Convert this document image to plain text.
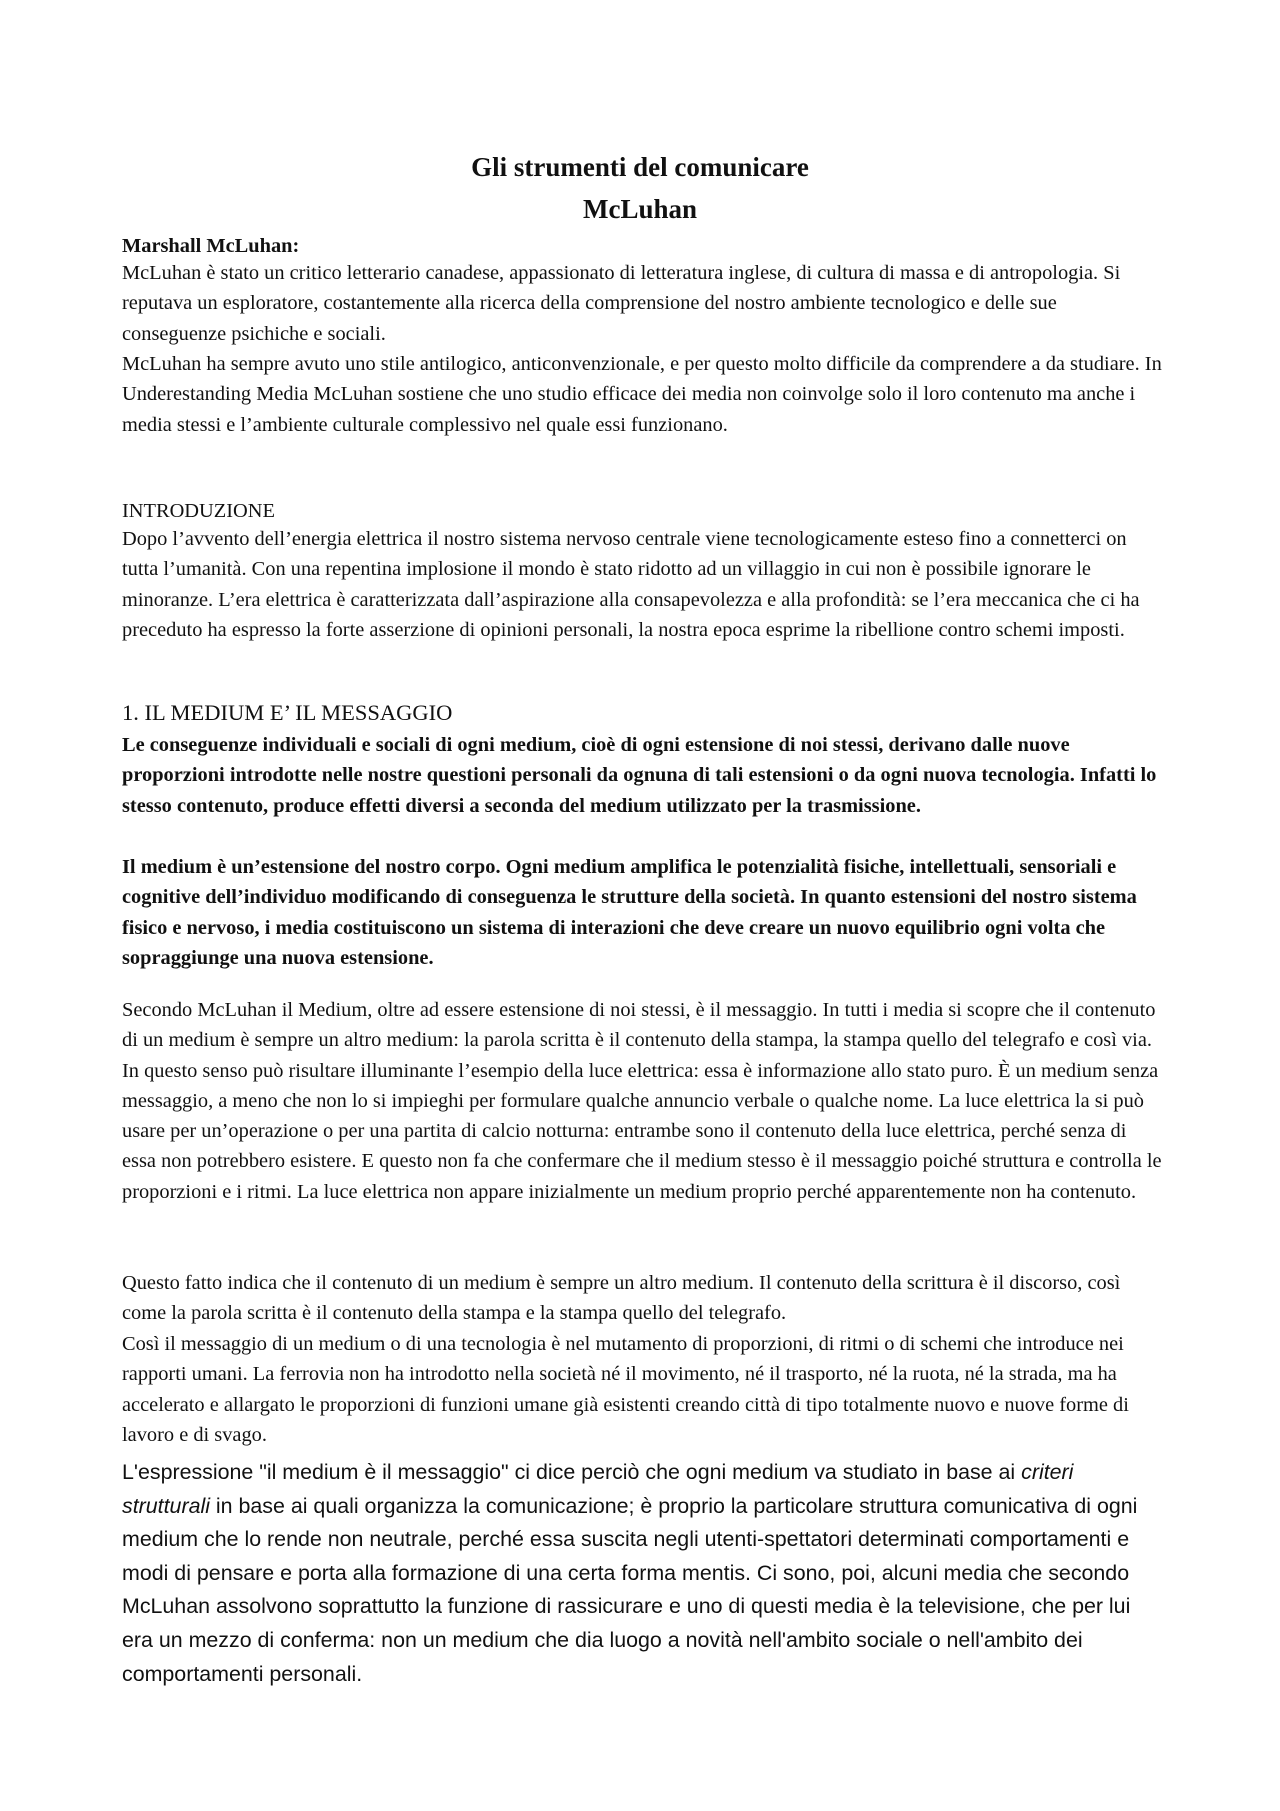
Gli strumenti del comunicare
McLuhan

Marshall McLuhan:

McLuhan è stato un critico letterario canadese, appassionato di letteratura inglese, di cultura di massa e di antropologia. Si reputava un esploratore, costantemente alla ricerca della comprensione del nostro ambiente tecnologico e delle sue conseguenze psichiche e sociali.

McLuhan ha sempre avuto uno stile antilogico, anticonvenzionale, e per questo molto difficile da comprendere a da studiare. In Underestanding Media McLuhan sostiene che uno studio efficace dei media non coinvolge solo il loro contenuto ma anche i media stessi e l’ambiente culturale complessivo nel quale essi funzionano.

INTRODUZIONE

Dopo l’avvento dell’energia elettrica il nostro sistema nervoso centrale viene tecnologicamente esteso fino a connetterci on tutta l’umanità. Con una repentina implosione il mondo è stato ridotto ad un villaggio in cui non è possibile ignorare le minoranze. L’era elettrica è caratterizzata dall’aspirazione alla consapevolezza e alla profondità: se l’era meccanica che ci ha preceduto ha espresso la forte asserzione di opinioni personali, la nostra epoca esprime la ribellione contro schemi imposti.

1. IL MEDIUM E’ IL MESSAGGIO

Le conseguenze individuali e sociali di ogni medium, cioè di ogni estensione di noi stessi, derivano dalle nuove proporzioni introdotte nelle nostre questioni personali da ognuna di tali estensioni o da ogni nuova tecnologia. Infatti lo stesso contenuto, produce effetti diversi a seconda del medium utilizzato per la trasmissione.

Il medium è un’estensione del nostro corpo. Ogni medium amplifica le potenzialità fisiche, intellettuali, sensoriali e cognitive dell’individuo modificando di conseguenza le strutture della società. In quanto estensioni del nostro sistema fisico e nervoso, i media costituiscono un sistema di interazioni che deve creare un nuovo equilibrio ogni volta che sopraggiunge una nuova estensione.

Secondo McLuhan il Medium, oltre ad essere estensione di noi stessi, è il messaggio. In tutti i media si scopre che il contenuto di un medium è sempre un altro medium: la parola scritta è il contenuto della stampa, la stampa quello del telegrafo e così via. In questo senso può risultare illuminante l’esempio della luce elettrica: essa è informazione allo stato puro. È un medium senza messaggio, a meno che non lo si impieghi per formulare qualche annuncio verbale o qualche nome. La luce elettrica la si può usare per un’operazione o per una partita di calcio notturna: entrambe sono il contenuto della luce elettrica, perché senza di essa non potrebbero esistere. E questo non fa che confermare che il medium stesso è il messaggio poiché struttura e controlla le proporzioni e i ritmi. La luce elettrica non appare inizialmente un medium proprio perché apparentemente non ha contenuto.

Questo fatto indica che il contenuto di un medium è sempre un altro medium. Il contenuto della scrittura è il discorso, così come la parola scritta è il contenuto della stampa e la stampa quello del telegrafo.

Così il messaggio di un medium o di una tecnologia è nel mutamento di proporzioni, di ritmi o di schemi che introduce nei rapporti umani. La ferrovia non ha introdotto nella società né il movimento, né il trasporto, né la ruota, né la strada, ma ha accelerato e allargato le proporzioni di funzioni umane già esistenti creando città di tipo totalmente nuovo e nuove forme di lavoro e di svago.

L'espressione "il medium è il messaggio" ci dice perciò che ogni medium va studiato in base ai criteri strutturali in base ai quali organizza la comunicazione; è proprio la particolare struttura comunicativa di ogni medium che lo rende non neutrale, perché essa suscita negli utenti-spettatori determinati comportamenti e modi di pensare e porta alla formazione di una certa forma mentis. Ci sono, poi, alcuni media che secondo McLuhan assolvono soprattutto la funzione di rassicurare e uno di questi media è la televisione, che per lui era un mezzo di conferma: non un medium che dia luogo a novità nell'ambito sociale o nell'ambito dei comportamenti personali.
